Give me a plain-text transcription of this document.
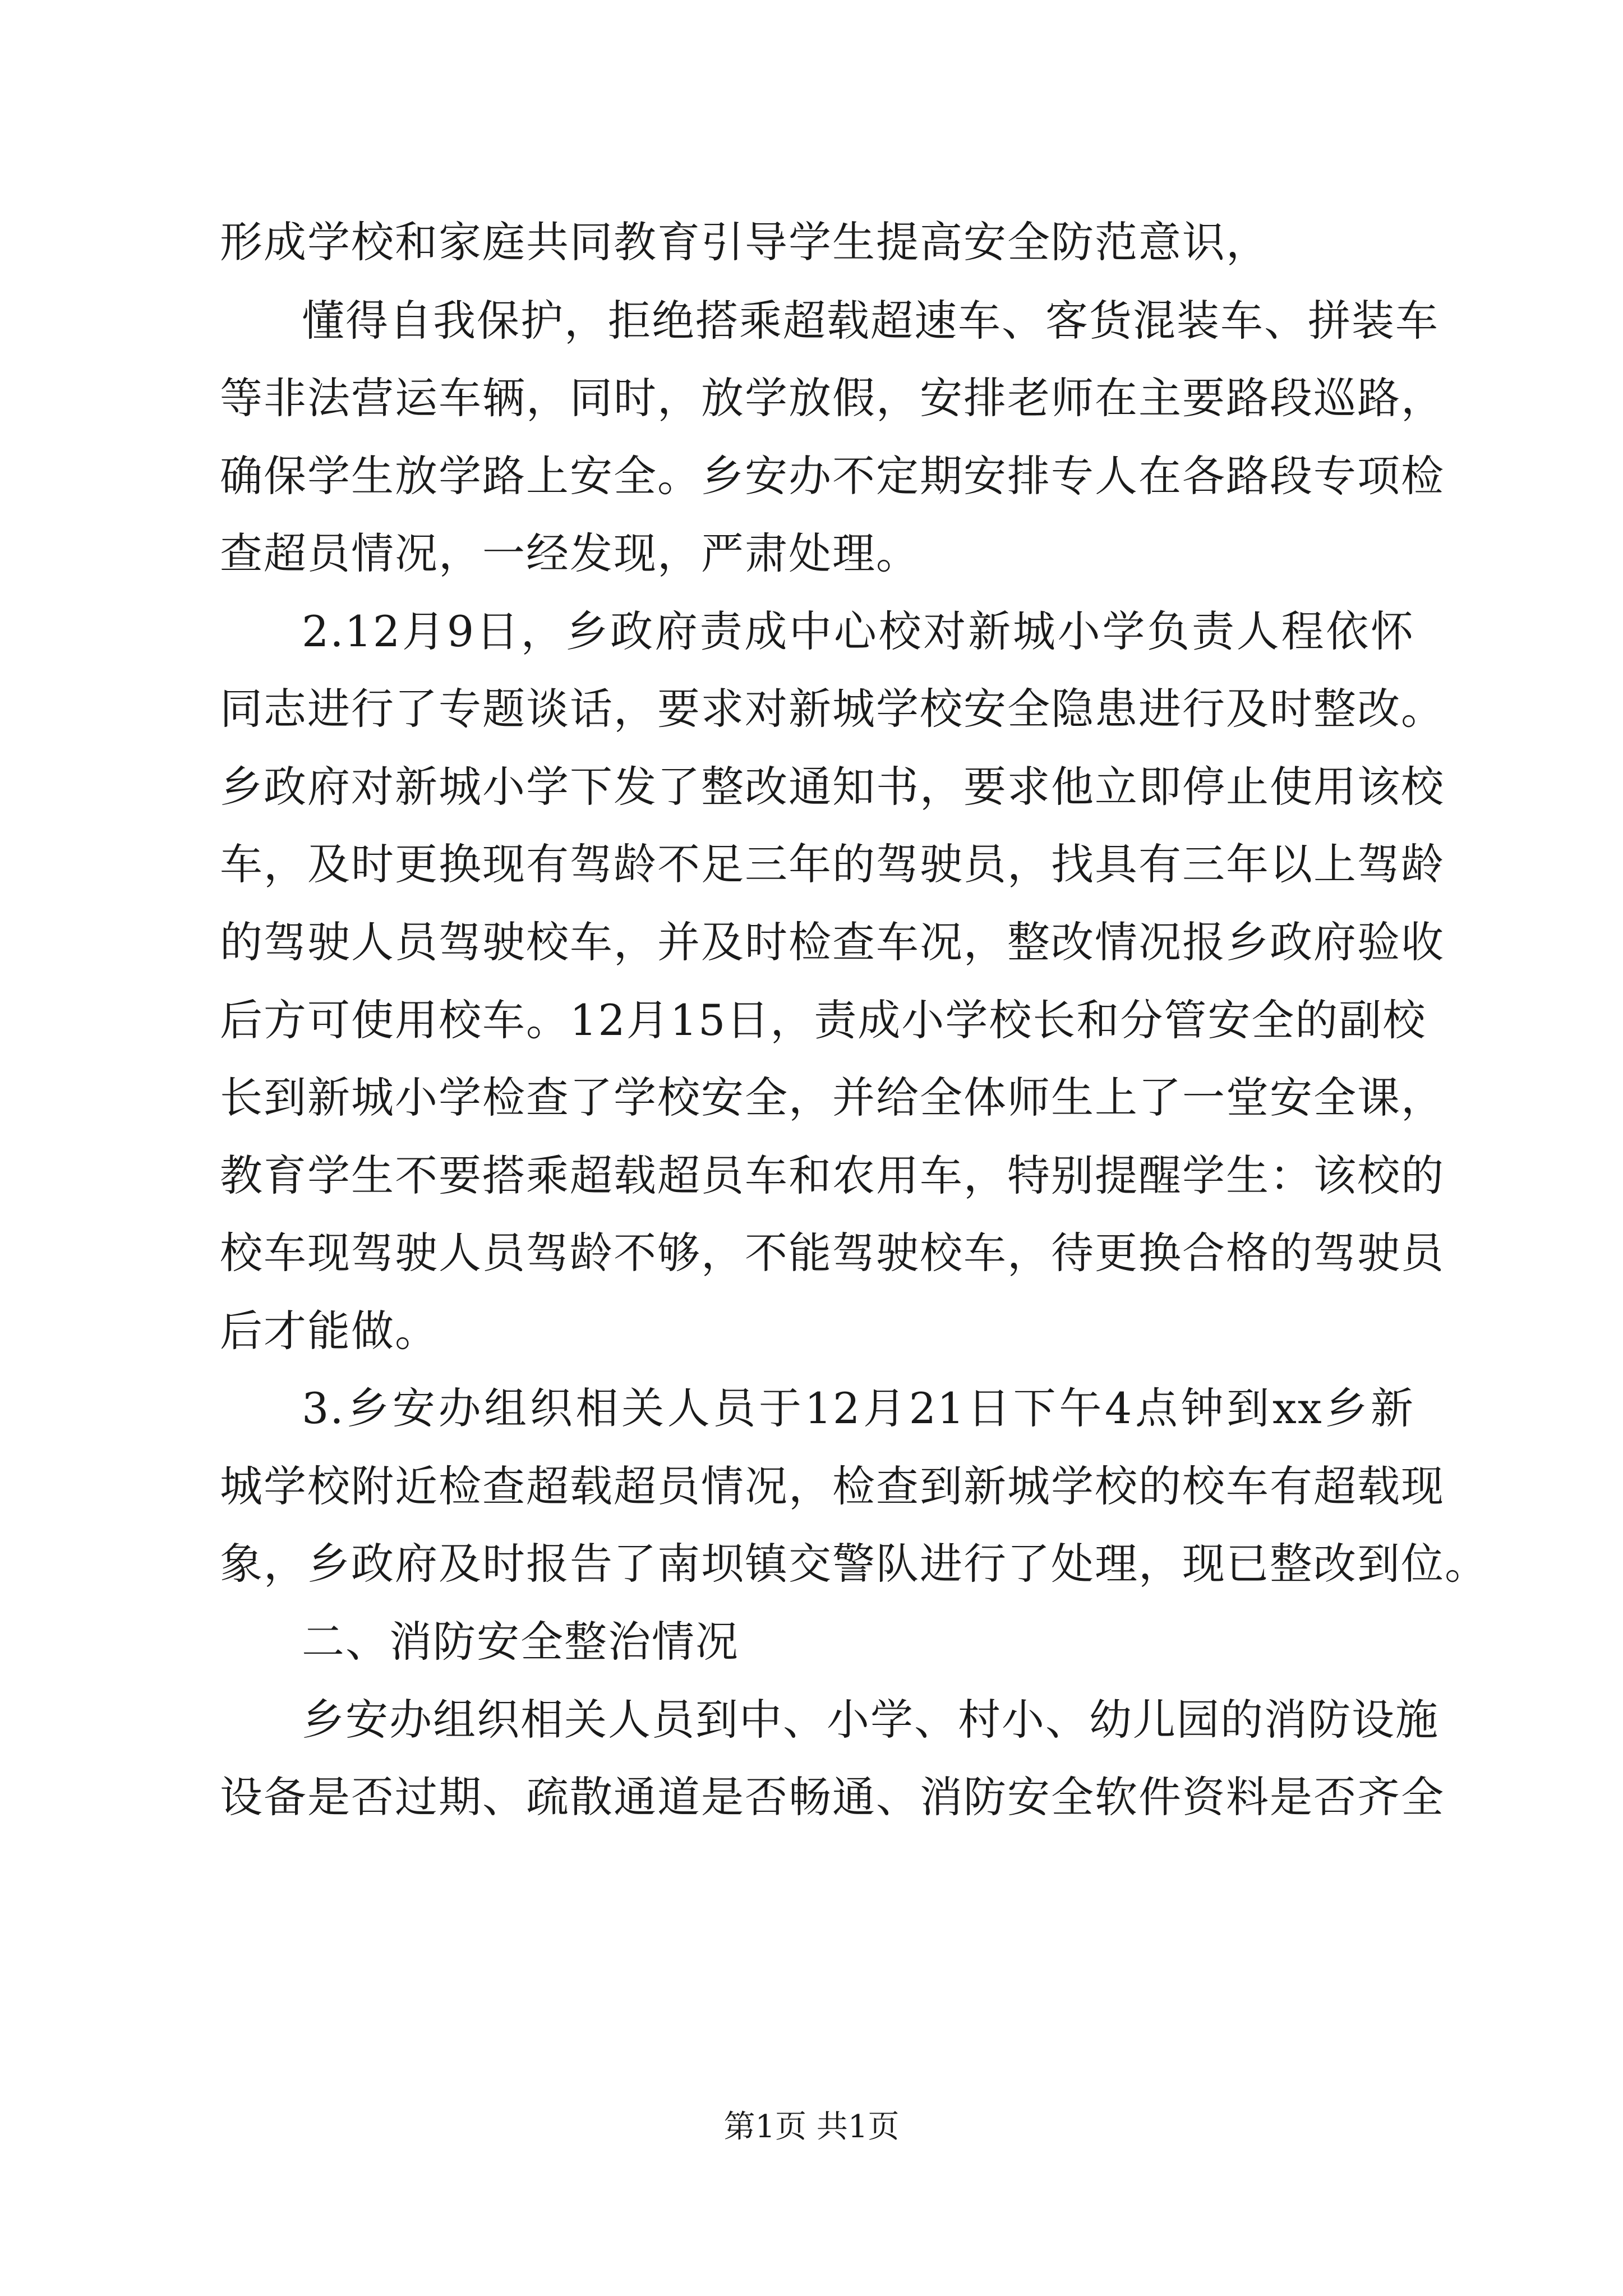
形成学校和家庭共同教育引导学生提高安全防范意识，
懂得自我保护，拒绝搭乘超载超速车、客货混装车、拼装车
等非法营运车辆，同时，放学放假，安排老师在主要路段巡路，
确保学生放学路上安全。乡安办不定期安排专人在各路段专项检
查超员情况，一经发现，严肃处理。
2.12月9日，乡政府责成中心校对新城小学负责人程依怀
同志进行了专题谈话，要求对新城学校安全隐患进行及时整改。
乡政府对新城小学下发了整改通知书，要求他立即停止使用该校
车，及时更换现有驾龄不足三年的驾驶员，找具有三年以上驾龄
的驾驶人员驾驶校车，并及时检查车况，整改情况报乡政府验收
后方可使用校车。12月15日，责成小学校长和分管安全的副校
长到新城小学检查了学校安全，并给全体师生上了一堂安全课，
教育学生不要搭乘超载超员车和农用车，特别提醒学生：该校的
校车现驾驶人员驾龄不够，不能驾驶校车，待更换合格的驾驶员
后才能做。
3.乡安办组织相关人员于12月21日下午4点钟到xx乡新
城学校附近检查超载超员情况，检查到新城学校的校车有超载现
象，乡政府及时报告了南坝镇交警队进行了处理，现已整改到位。
二、消防安全整治情况
乡安办组织相关人员到中、小学、村小、幼儿园的消防设施
设备是否过期、疏散通道是否畅通、消防安全软件资料是否齐全
第1页 共1页
